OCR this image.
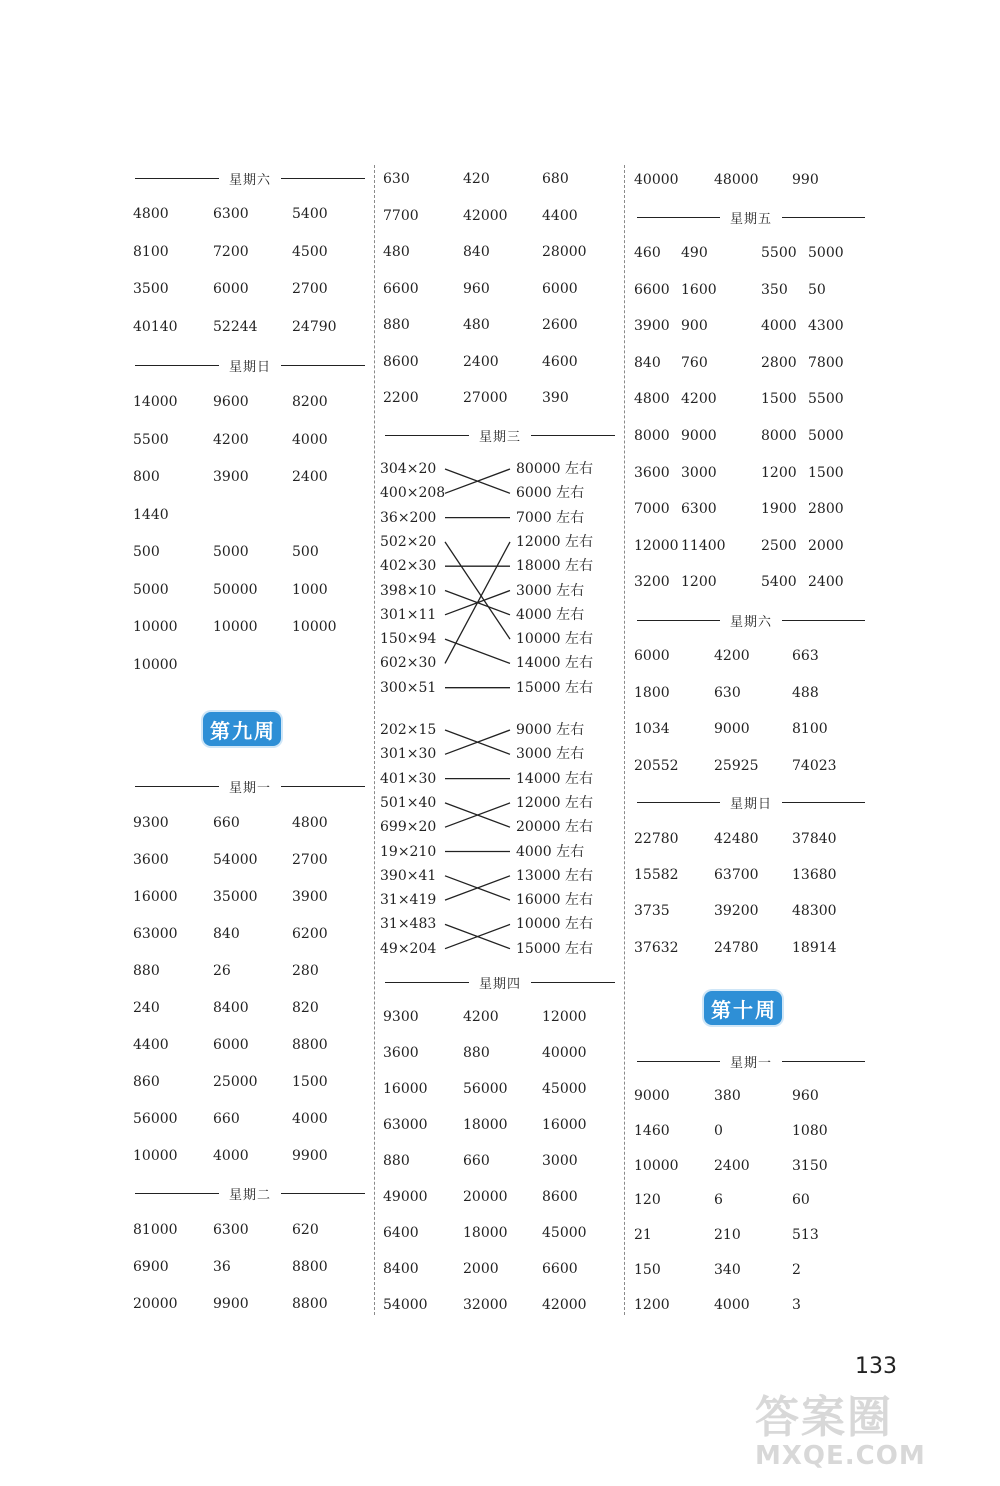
星期六
4800	6300	5400
8100	7200	4500
3500	6000	2700
40140	52244 24790
星期日
14000	9600	8200
5500	4200	4000
800	3900	2400
1440
500	5000	500
5000	50000 1000
10000	10000 10000
10000
第 九 周
星期一
9300	660	4800
3600	54000 2700
16000	35000 3900
63000	840	6200
880	26	280
240	8400	820
4400	6000	8800
860	25000 1500
56000	660	4000
10000	4000	9900
星期二
81000	6300	620
6900	36	8800
20000	9900	8800
630	420	680
7700	42000 4400
480	840	28000
6600	960	6000
880	480	2600
8600	2400	4600
2200	27000 390
星期三
304×20
400×208
36×200
502×20
402×30
398×10
301×11
150×94
602×30
300×51
80000 左右
6000 左右
7000 左右
12000 左右
18000 左右
3000 左右
4000 左右
10000 左右
14000 左右
15000 左右
202×15
301×30
401×30
501×40
699×20
19×210
390×41
31×419
31×483
49×204
9000 左右
3000 左右
14000 左右
12000 左右
20000 左右
4000 左右
13000 左右
16000 左右
10000 左右
15000 左右
星期四
9300	4200	12000
3600	880	40000
16000	56000 45000
63000	18000 16000
880	660	3000
49000	20000 8600
6400	18000 45000
8400	2000	6600
54000	32000 42000
40000	48000 990
星期五
460 490	5500 5000
6600 1600	350 50
3900 900	4000 4300
840 760	2800 7800
4800 4200	1500 5500
8000 9000	8000 5000
3600 3000	1200 1500
7000 6300	1900 2800
12000 11400	2500 2000
3200 1200	5400 2400
星期六
6000	4200	663
1800	630	488
1034	9000	8100
20552	25925 74023
星期日
22780	42480 37840
15582	63700 13680
3735	39200 48300
37632	24780 18914
第 十 周
星期一
9000	380	960
1460	0	1080
10000	2400	3150
120	6	60
21	210	513
150	340	2
1200	4000	3
133
答案圈
MXQE.COM
